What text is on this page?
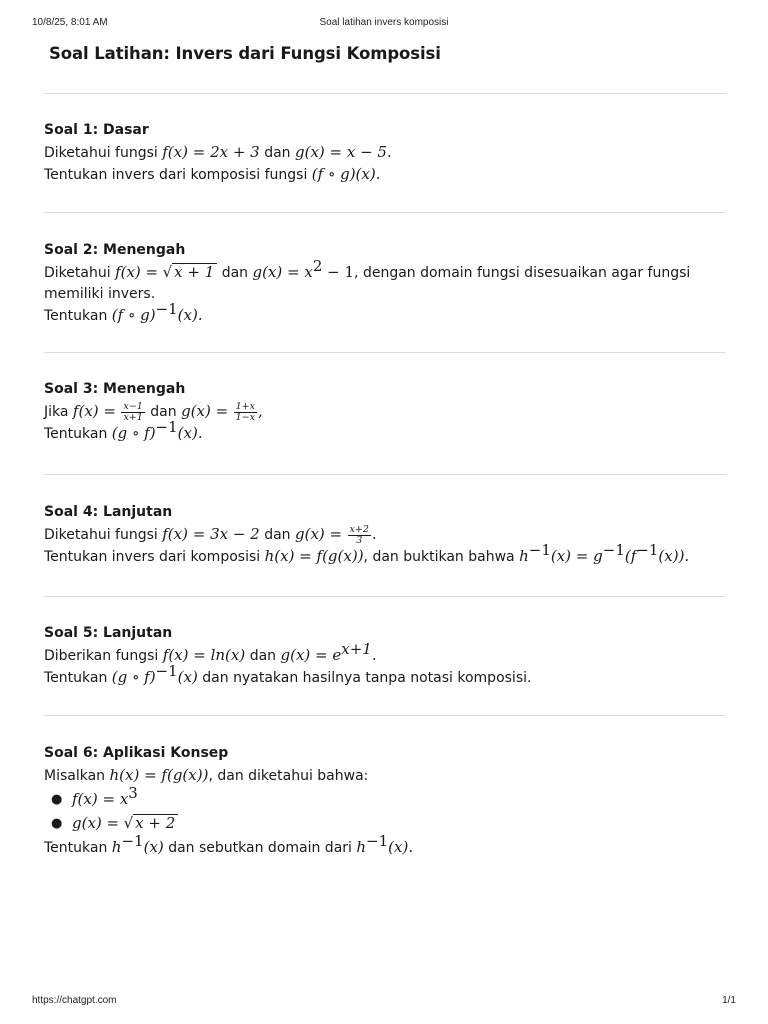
10/8/25, 8:01 AM	Soal latihan invers komposisi
Soal Latihan: Invers dari Fungsi Komposisi

Soal 1: Dasar

Diketahui fungsi f(x) = 2x + 3 dan g(x) = x − 5.

Tentukan invers dari komposisi fungsi (f ∘ g)(x).

Soal 2: Menengah

Diketahui f(x) = √ x + 1 dan $g(x) = x^2 - 1$, dengan domain fungsi disesuaikan agar fungsi memiliki invers.

Tentukan (f ∘ g)$^{-1}$(x).

Soal 3: Menengah

Jika $f(x) = \frac{x-1}{x+1}$ dan $g(x) = \frac{1+x}{1-x}$ ,

Tentukan (g ∘ f)$^{-1}$(x).

Soal 4: Lanjutan

Diketahui fungsi f(x) = 3x − 2 dan $g(x) = \frac{x+2}{3}$ .

Tentukan invers dari komposisi h(x) = f(g(x)), dan buktikan bahwa $h^{-1}(x) = g^{-1}(f^{-1}(x))$.

Soal 5: Lanjutan

Diberikan fungsi f(x) = ln(x) dan $g(x) = e^{x+1}$.

Tentukan (g ∘ f)$^{-1}$(x) dan nyatakan hasilnya tanpa notasi komposisi.

Soal 6: Aplikasi Konsep

Misalkan h(x) = f(g(x)), dan diketahui bahwa:

● $f(x) = x^3$
● g(x) = √ x + 2

Tentukan $h^{-1}(x)$ dan sebutkan domain dari $h^{-1}(x)$.

https://chatgpt.com	1/1
